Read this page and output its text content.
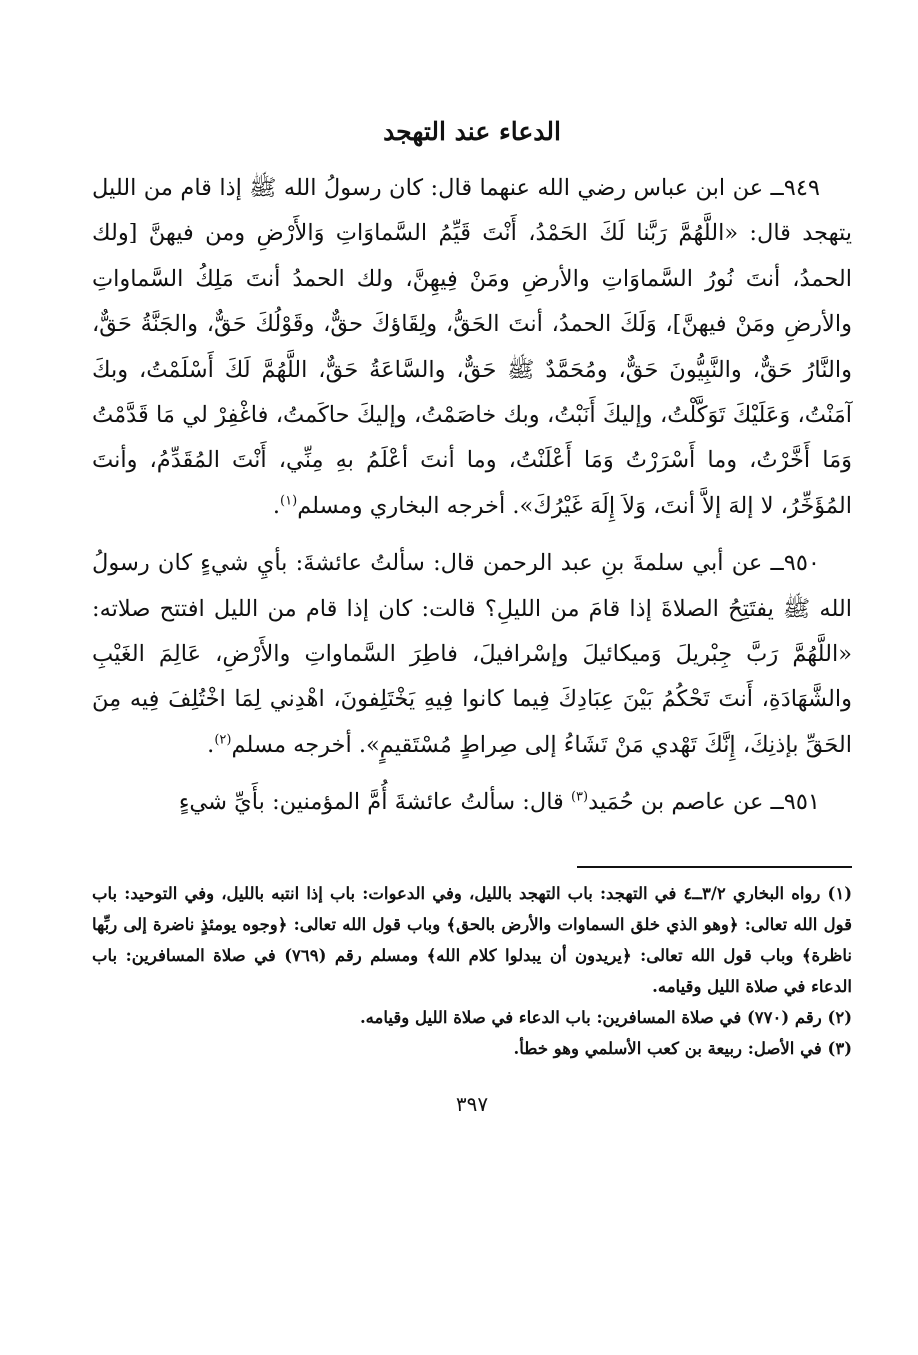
الدعاء عند التهجد

٩٤٩ــ عن ابن عباس رضي الله عنهما قال: كان رسولُ الله ﷺ إذا قام من الليل يتهجد قال: «اللَّهُمَّ رَبَّنا لَكَ الحَمْدُ، أَنْتَ قَيِّمُ السَّماوَاتِ وَالأَرْضِ ومن فيهنَّ [ولك الحمدُ، أنتَ نُورُ السَّماوَاتِ والأرضِ ومَنْ فِيهِنَّ، ولك الحمدُ أنتَ مَلِكُ السَّماواتِ والأرضِ ومَنْ فيهنَّ]، وَلَكَ الحمدُ، أنتَ الحَقُّ، ولِقَاؤكَ حقٌّ، وقَوْلُكَ حَقٌّ، والجَنَّةُ حَقٌّ، والنَّارُ حَقٌّ، والنَّبِيُّونَ حَقٌّ، ومُحَمَّدٌ ﷺ حَقٌّ، والسَّاعَةُ حَقٌّ، اللَّهُمَّ لَكَ أَسْلَمْتُ، وبكَ آمَنْتُ، وَعَلَيْكَ تَوَكَّلْتُ، وإليكَ أَنَبْتُ، وبك خاصَمْتُ، وإليكَ حاكَمتُ، فاغْفِرْ لي مَا قَدَّمْتُ وَمَا أَخَّرْتُ، وما أَسْرَرْتُ وَمَا أَعْلَنْتُ، وما أنتَ أعْلَمُ بهِ مِنِّي، أَنْتَ المُقَدِّمُ، وأنتَ المُؤَخِّرُ، لا إلهَ إلاَّ أنتَ، وَلاَ إِلَهَ غَيْرُكَ». أخرجه البخاري ومسلم$^{(١)}$.

٩٥٠ــ عن أبي سلمةَ بنِ عبد الرحمن قال: سألتُ عائشةَ: بأيِ شيءٍ كان رسولُ الله ﷺ يفتَتِحُ الصلاةَ إذا قامَ من الليلِ؟ قالت: كان إذا قام من الليل افتتح صلاته: «اللَّهُمَّ رَبَّ جِبْريلَ وَميكائيلَ وإسْرافيلَ، فاطِرَ السَّماواتِ والأَرْضِ، عَالِمَ الغَيْبِ والشَّهَادَةِ، أَنتَ تَحْكُمُ بَيْنَ عِبَادِكَ فِيما كانوا فِيهِ يَخْتَلِفونَ، اهْدِني لِمَا اخْتُلِفَ فِيه مِنَ الحَقِّ بإذنِكَ، إِنَّكَ تَهْدي مَنْ تَشَاءُ إلى صِراطٍ مُسْتَقيمٍ». أخرجه مسلم$^{(٢)}$.

٩٥١ــ عن عاصم بن حُمَيد$^{(٣)}$ قال: سألتُ عائشةَ أُمَّ المؤمنين: بأَيِّ شيءٍ

(١) رواه البخاري ٣/٢ــ٤ في التهجد: باب التهجد بالليل، وفي الدعوات: باب إذا انتبه بالليل، وفي التوحيد: باب قول الله تعالى: ﴿وهو الذي خلق السماوات والأرض بالحق﴾ وباب قول الله تعالى: ﴿وجوه يومئذٍ ناضرة إلى ربِّها ناظرة﴾ وباب قول الله تعالى: ﴿يريدون أن يبدلوا كلام الله﴾ ومسلم رقم (٧٦٩) في صلاة المسافرين: باب الدعاء في صلاة الليل وقيامه.

(٢) رقم (٧٧٠) في صلاة المسافرين: باب الدعاء في صلاة الليل وقيامه.

(٣) في الأصل: ربيعة بن كعب الأسلمي وهو خطأ.

٣٩٧
